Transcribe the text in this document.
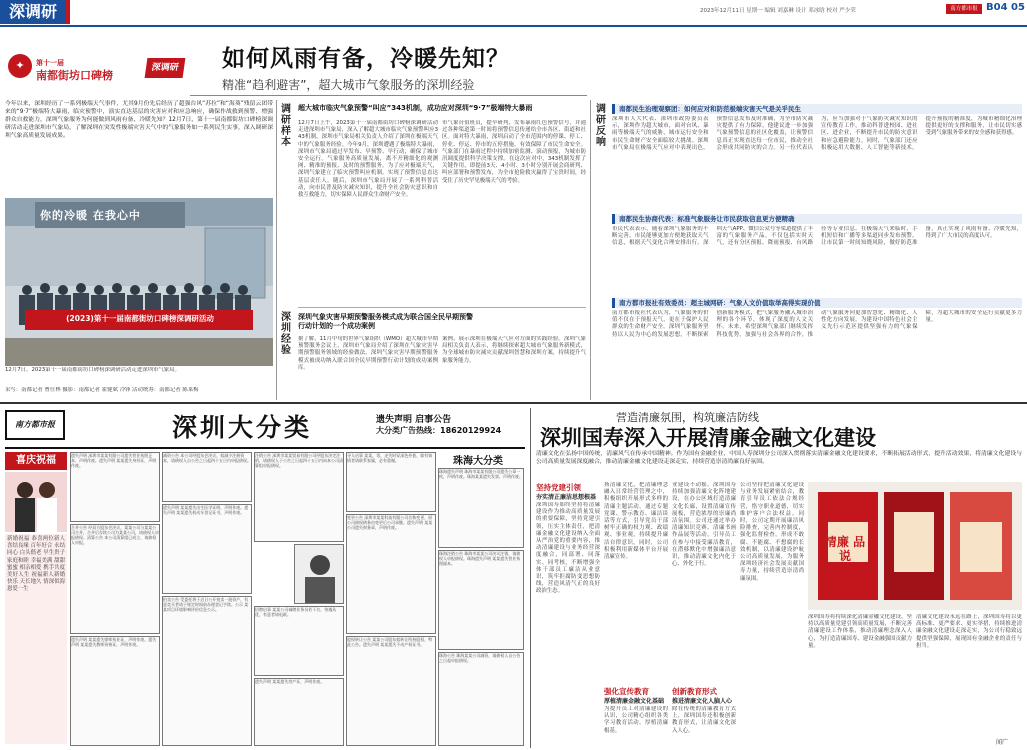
深调研	2023年12月11日 星期一 编辑 刘嘉琳 设计 邓冰晗 校对 严少荣	南方都市报 B04 05
✦	第十一届
南都街坊口碑榜
深调研 如何风雨有备，冷暖先知？
精准“趋利避害”，超大城市气象服务的深圳经验
今年以来，深圳经历了一系列极端天气事件，尤其9月份先后经历了超强台风“苏拉”和“海葵”残留云团带来的“9·7”极端特大暴雨，临灾预警中，演实直达基层的灾害应对和应急响应，确保作战救到预警、增强群众自救能力，深圳气象服务为何能做到风雨有备、冷暖先知？12月7日，第十一届南都街坊口碑榜深调研活动走进深圳市气象局，了解深圳在突发性极端灾害天气中的气象服务如一系列民生实事，深入调研深圳气象高质量发展成果。
你的冷暖 在我心中
(2023)第十一届南都街坊口碑榜深调研活动
12月7日，2023第十一届南都街坊口碑榜深调研活动走进深圳市气象局。
采写：南都记者 曹仕林 摄影：南都记者 霍健斌 冷锋 活动统筹：南都记者 陈莱梅
调研样本
深圳经验
超大城市临灾气象预警“叫应”343机制，成功应对深圳“9·7”极端特大暴雨
12月7日上午，2023第十一届南都街坊口碑榜深调研活动走进深圳市气象局，深入了解超大城市临灾气象预警叫应343机制，深圳市气象局相关负责人介绍了深圳在极端天气中的气象服务经验。今年9月，深圳遭遇了极端特大暴雨，深圳市气象局通过早发布、早预警、早行动，确保了城市安全运行。气象服务高质量发展，离不开精细化的观测网、精准的预报、及时的预警服务。为了应对极端天气，深圳气象建立了临灾预警叫应机制，实现了预警信息直达基层责任人。随后，深圳市气象局开展了一系列科普活动，向市民普及防灾减灾知识，提升全社会防灾意识和自救互救能力，切实保障人民群众生命财产安全。
市气象台值班员，提早研判，发布暴雨红色预警信号，并通过各种渠道第一时间将预警信息传递给全市各区、街道和社区。面对特大暴雨，深圳启动了全市范围内的停课、停工、停业、停运、停市的五停措施，有效保障了市民生命安全。气象部门在暴雨过程中持续加密监测、滚动预报，为城市防汛调度提供科学决策支撑。在这次应对中，343机制发挥了关键作用，即提前3天、4小时、3小时分别开展会商研判、叫应部署和预警发布，为全市抢险救灾赢得了宝贵时间，经受住了历史罕见极端天气的考验。
深圳气象灾害早期预警服务模式成为联合国全民早期预警行动计划的一个成功案例
据了解，11月中旬的世界气象组织（WMO）超大城市早期预警服务会议上，深圳市气象局介绍了深圳在气象灾害早期预警服务领域的经验做法。深圳气象灾害早期预警服务模式被成功纳入联合国全民早期预警行动计划的成功案例库。
案例，展示深圳在极端天气应对方面的实践经验。深圳气象局相关负责人表示，将继续探索超大城市气象服务新模式，为全球城市防灾减灾贡献深圳智慧和深圳方案，持续提升气象服务能力。
调研反响
南都民生治理观察团：如何应对和防范极端灾害天气是关乎民生
深圳市人大代表、深圳市政协委员表示，深圳作为超大城市，面对台风、暴雨等极端天气的威胁，城市运行安全和市民生命财产安全面临较大挑战。深圳市气象局在极端天气应对中表现出色，预警信息发布及时准确，为全市防灾减灾提供了有力保障。他建议进一步加强气象预警信息的社区化覆盖，让预警信息真正实现直达每一位市民，推动全社会形成共同防灾的合力。另一位代表认为，应当加强对于气象防灾减灾知识的宣传教育工作，推动科普进校园、进社区、进企业，不断提升市民的防灾意识和应急避险能力。同时，气象部门还应积极运用大数据、人工智能等新技术，提升预报的精准度，为城市精细化治理提供更好的支撑和服务，让市民切实感受到气象服务带来的安全感和获得感。
南都民生协商代表：标准气象服务让市民获取信息更方便精确
市民代表表示，随着深圳气象服务的不断完善，市民能够更加方便地获取天气信息，根据天气变化合理安排出行。深圳天气APP、微信公众号等渠道提供了丰富的气象服务产品，不仅包括实时天气，还有分区预报、降雨预报、台风路径等专业信息。在极端天气来临时，手机短信和广播等多渠道同步发布预警，让市民第一时间知晓风险，做好防范准备，真正实现了风雨有备、冷暖先知，得到了广大市民的高度认可。
南方都市报社有效委员：超主城网研：气象人文价值取举高得实现价值
南方都市报社代表认为，气象服务的价值不仅在于预报天气，更在于保护人民群众的生命财产安全。深圳气象服务坚持以人民为中心的发展思想，不断探索创新服务模式，把气象服务融入城市治理的各个环节，体现了深度的人文关怀。未来，希望深圳气象部门继续发挥科技优势，加强与社会各界的合作，推动气象服务向更加智慧化、精细化、人性化方向发展，为建设中国特色社会主义先行示范区提供坚强有力的气象保障，为超大城市的安全运行贡献更多力量。
南方都市报	深圳大分类	遗失声明 启事公告
大分类广告热线：18620129924
喜庆祝福
新婚祝福 恭喜两位新人喜结良缘 百年好合 永结同心 白头偕老 早生贵子 家庭和睦 幸福美满 甜甜蜜蜜 相亲相爱 携手共度美好人生 祝福新人新婚快乐 天长地久 情深似海 恩爱一生
珠海大分类
遗失声明 深圳市某某有限公司遗失营业执照正本，声明作废。遗失声明 某某遗失身份证，声明作废。
减资公告 本公司经股东会决议，拟减少注册资本，请债权人自公告之日起四十五日内申报债权。
注销公告 深圳市某某贸易有限公司经股东决定注销，请债权人于公告之日起四十五日内向本公司清算组申报债权。
寻人启事 某某，男，走失时穿深色外套，如有知情者请联系家属，必有重谢。
珠海遗失声明 珠海市某某有限公司遗失公章一枚，声明作废。珠海某某遗失发票，声明作废。
合并公告 经双方股东会决议，某某公司与某某公司合并，合并后存续公司为某某公司，请债权人申报债权。清算公告 本公司清算组已成立，请债权人申报。
遗失声明 某某遗失出生医学证明，声明作废。遗失声明 某某遗失机动车登记证书，声明作废。
招聘启事 某某公司诚聘业务员若干名，待遇从优，有意者请电联。
变更公告 深圳市某某科技有限公司名称变更，原公司债权债务由变更后公司承继。遗失声明 某某公司遗失财务章，声明作废。
珠海注销公告 珠海市某某公司决议注销，请债权人申报债权。珠海遗失声明 某某遗失营业执照副本。
遗失声明 某某遗失律师执业证，声明作废。遗失声明 某某遗失教师资格证，声明作废。
拍卖公告 受委托将于近日公开拍卖一批资产，有意竞买者请于规定时间前办理登记手续。公示 某某项目环境影响评价信息公示。
遗失声明 某某遗失房产证，声明作废。
股权转让公告 某某公司股东拟转让所持股权，特此公告。遗失声明 某某遗失不动产权证书。
珠海公告 珠海某某公司减资，请债权人自公告之日起申报债权。
营造清廉氛围，构筑廉洁防线
深圳国寿深入开展清廉金融文化建设
清廉文化在弘扬中国传统，清廉风气在传承中国精神。作为国有金融企业，中国人寿深圳分公司深入贯彻落实清廉金融文化建设要求，不断拓展活动形式，提升活动效果，将清廉文化建设与公司高质量发展深度融合，推动清廉金融文化建设走深走实，持续营造崇清尚廉良好氛围。
坚持党建引领
夯实清正廉洁思想根基
深圳国寿始终坚持将清廉建设作为推动高质量发展的重要保障，坚持党建引领，压实主体责任，把清廉金融文化建设纳入全面从严治党的重要内容，推动清廉建设与业务经营深度融合，同部署、同落实、同考核，不断增强全体干部员工廉洁从业意识，筑牢拒腐防变思想防线，营造风清气正的良好政治生态。
扬清廉文化，把清廉理念融入日常经营管理之中，积极组织开展形式多样的清廉主题活动，通过专题党课、警示教育、廉洁谈话等方式，引导党员干部树牢正确的权力观、政绩观、事业观，持续提升廉洁自律意识。同时，公司积极利用新媒体平台开展清廉宣传。
强化宣传教育
厚植清廉金融文化基础
为提升员工对清廉建设的认识，公司精心组织各类学习教育活动，厚植清廉根基。
业建设不动摇，深圳国寿持续加强清廉文化阵地建设，在办公区域打造清廉文化长廊，设置清廉宣传展板，营造浓厚的崇廉尚洁氛围。公司还通过举办清廉知识竞赛、清廉书画作品展等活动，引导员工在参与中接受廉洁教育，在潜移默化中增强廉洁意识，推动清廉文化内化于心、外化于行。
创新教育形式
推进清廉文化人脑人心
除在传统的清廉教育方式上，深圳国寿还积极创新教育形式，让清廉文化深入人心。
公司坚持把清廉文化建设与业务发展紧密结合，教育引导员工依法合规经营，恪守职业道德，切实维护客户合法权益。同时，公司定期开展廉洁风险排查，完善内控制度，强化监督检查，形成不敢腐、不能腐、不想腐的长效机制，以清廉建设护航公司高质量发展，为服务深圳经济社会发展贡献国寿力量，持续营造崇清尚廉氛围。
清廉 品说
深圳国寿将持续深化清廉金融文化建设，坚持以高质量党建引领高质量发展，不断完善清廉建设工作体系，推动清廉理念深入人心，为打造清廉国寿、建设金融强国贡献力量。
清廉文化建设永远在路上，深圳国寿将以更高标准、更严要求、更实举措，持续推进清廉金融文化建设走深走实，为公司行稳致远提供坚强保障，展现国有金融企业的责任与担当。
闻广
